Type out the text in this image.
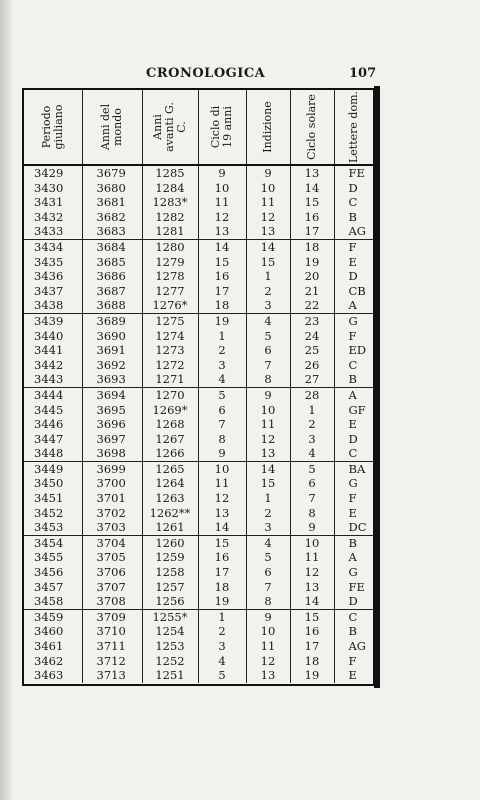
CRONOLOGICA	107
Periodo giuliano	Anni del mondo	Anni avanti G. C.	Ciclo di 19 anni	Indizione	Ciclo solare	Lettere dom.

3429	3679	1285	9	9	13	FE
3430	3680	1284	10	10	14	D
3431	3681	1283*	11	11	15	C
3432	3682	1282	12	12	16	B
3433	3683	1281	13	13	17	AG
3434	3684	1280	14	14	18	F
3435	3685	1279	15	15	19	E
3436	3686	1278	16	1	20	D
3437	3687	1277	17	2	21	CB
3438	3688	1276*	18	3	22	A
3439	3689	1275	19	4	23	G
3440	3690	1274	1	5	24	F
3441	3691	1273	2	6	25	ED
3442	3692	1272	3	7	26	C
3443	3693	1271	4	8	27	B
3444	3694	1270	5	9	28	A
3445	3695	1269*	6	10	1	GF
3446	3696	1268	7	11	2	E
3447	3697	1267	8	12	3	D
3448	3698	1266	9	13	4	C
3449	3699	1265	10	14	5	BA
3450	3700	1264	11	15	6	G
3451	3701	1263	12	1	7	F
3452	3702	1262**	13	2	8	E
3453	3703	1261	14	3	9	DC
3454	3704	1260	15	4	10	B
3455	3705	1259	16	5	11	A
3456	3706	1258	17	6	12	G
3457	3707	1257	18	7	13	FE
3458	3708	1256	19	8	14	D
3459	3709	1255*	1	9	15	C
3460	3710	1254	2	10	16	B
3461	3711	1253	3	11	17	AG
3462	3712	1252	4	12	18	F
3463	3713	1251	5	13	19	E
